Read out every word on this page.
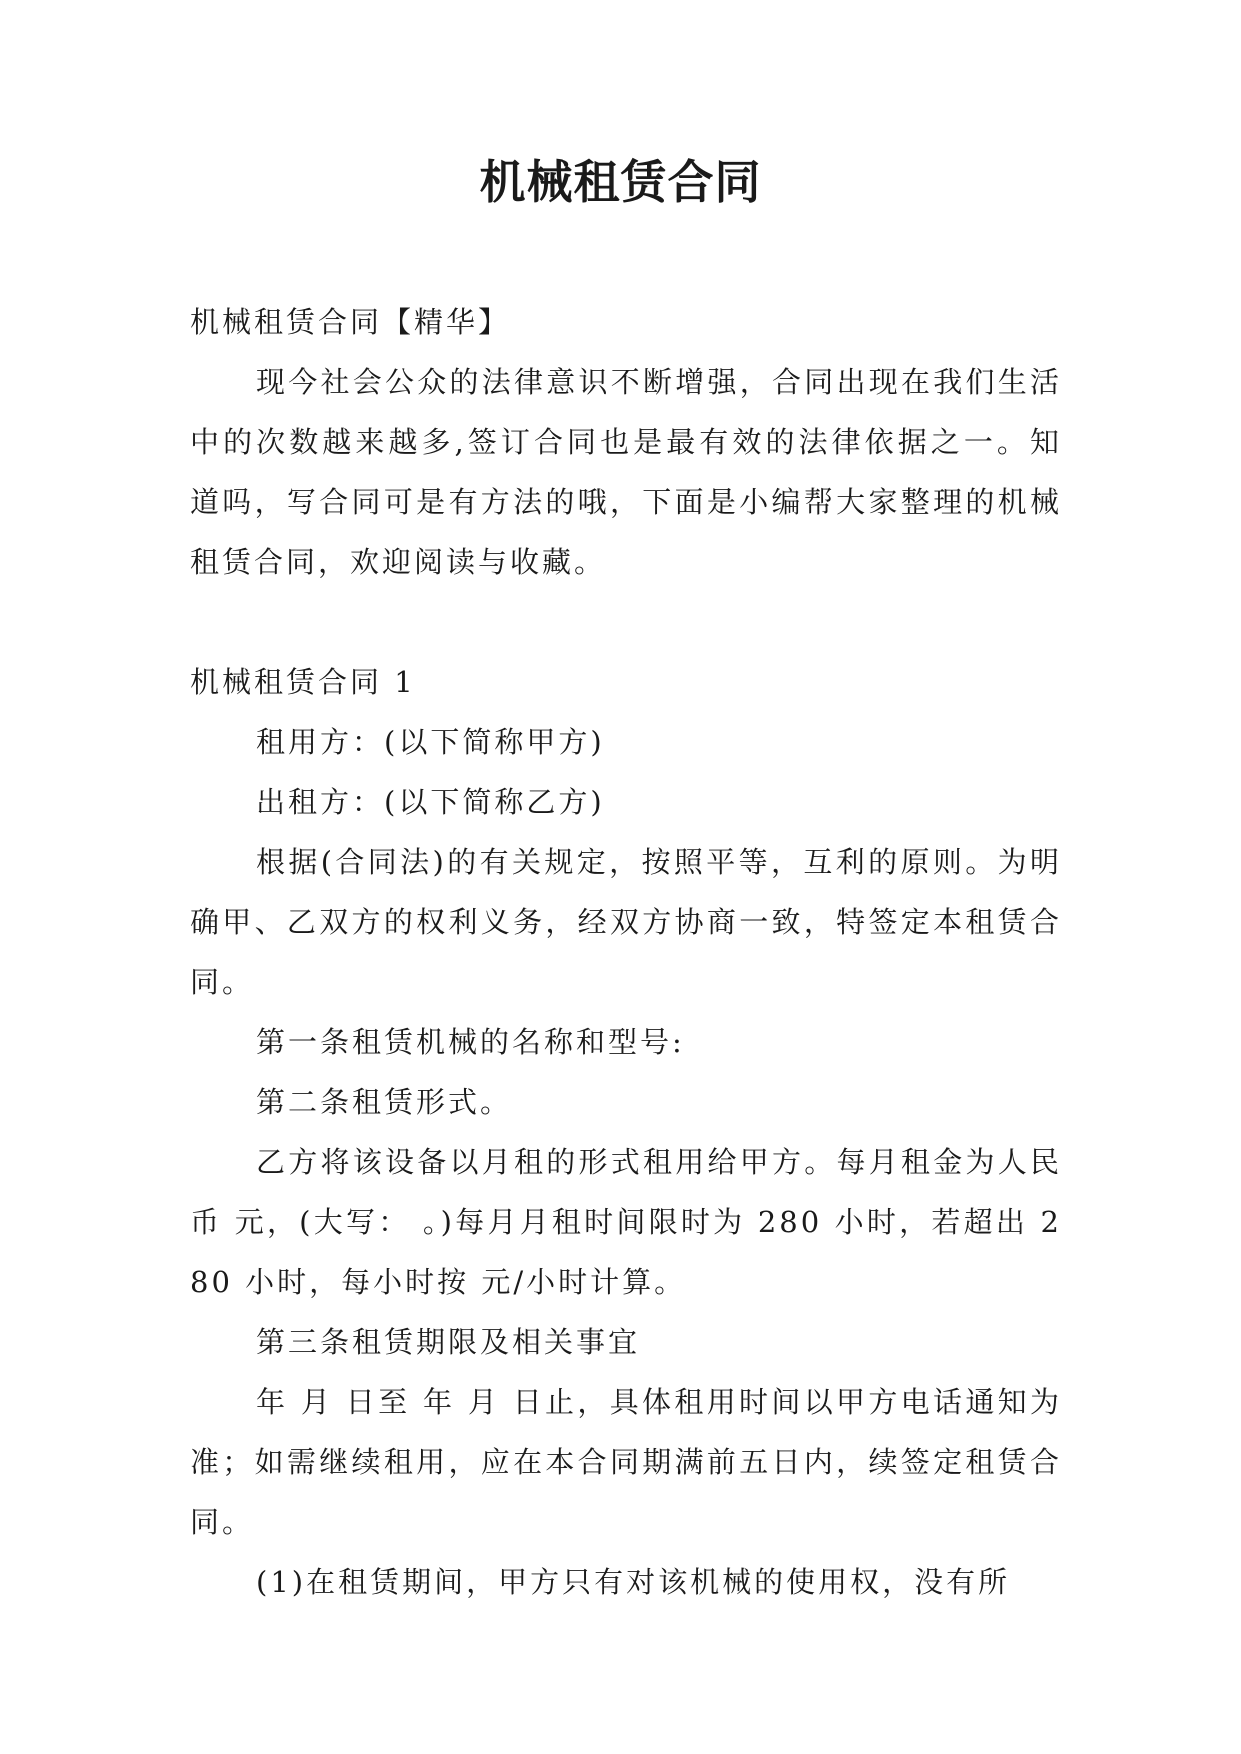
机械租赁合同

机械租赁合同【精华】

现今社会公众的法律意识不断增强，合同出现在我们生活中的次数越来越多,签订合同也是最有效的法律依据之一。知道吗，写合同可是有方法的哦，下面是小编帮大家整理的机械租赁合同，欢迎阅读与收藏。

机械租赁合同 1

租用方：(以下简称甲方)

出租方：(以下简称乙方)

根据(合同法)的有关规定，按照平等，互利的原则。为明确甲、乙双方的权利义务，经双方协商一致，特签定本租赁合同。

第一条租赁机械的名称和型号:

第二条租赁形式。

乙方将该设备以月租的形式租用给甲方。每月租金为人民币 元，(大写： 。)每月月租时间限时为 280 小时，若超出 280 小时，每小时按 元/小时计算。

第三条租赁期限及相关事宜

年 月 日至 年 月 日止，具体租用时间以甲方电话通知为准；如需继续租用，应在本合同期满前五日内，续签定租赁合同。

(1)在租赁期间，甲方只有对该机械的使用权，没有所
